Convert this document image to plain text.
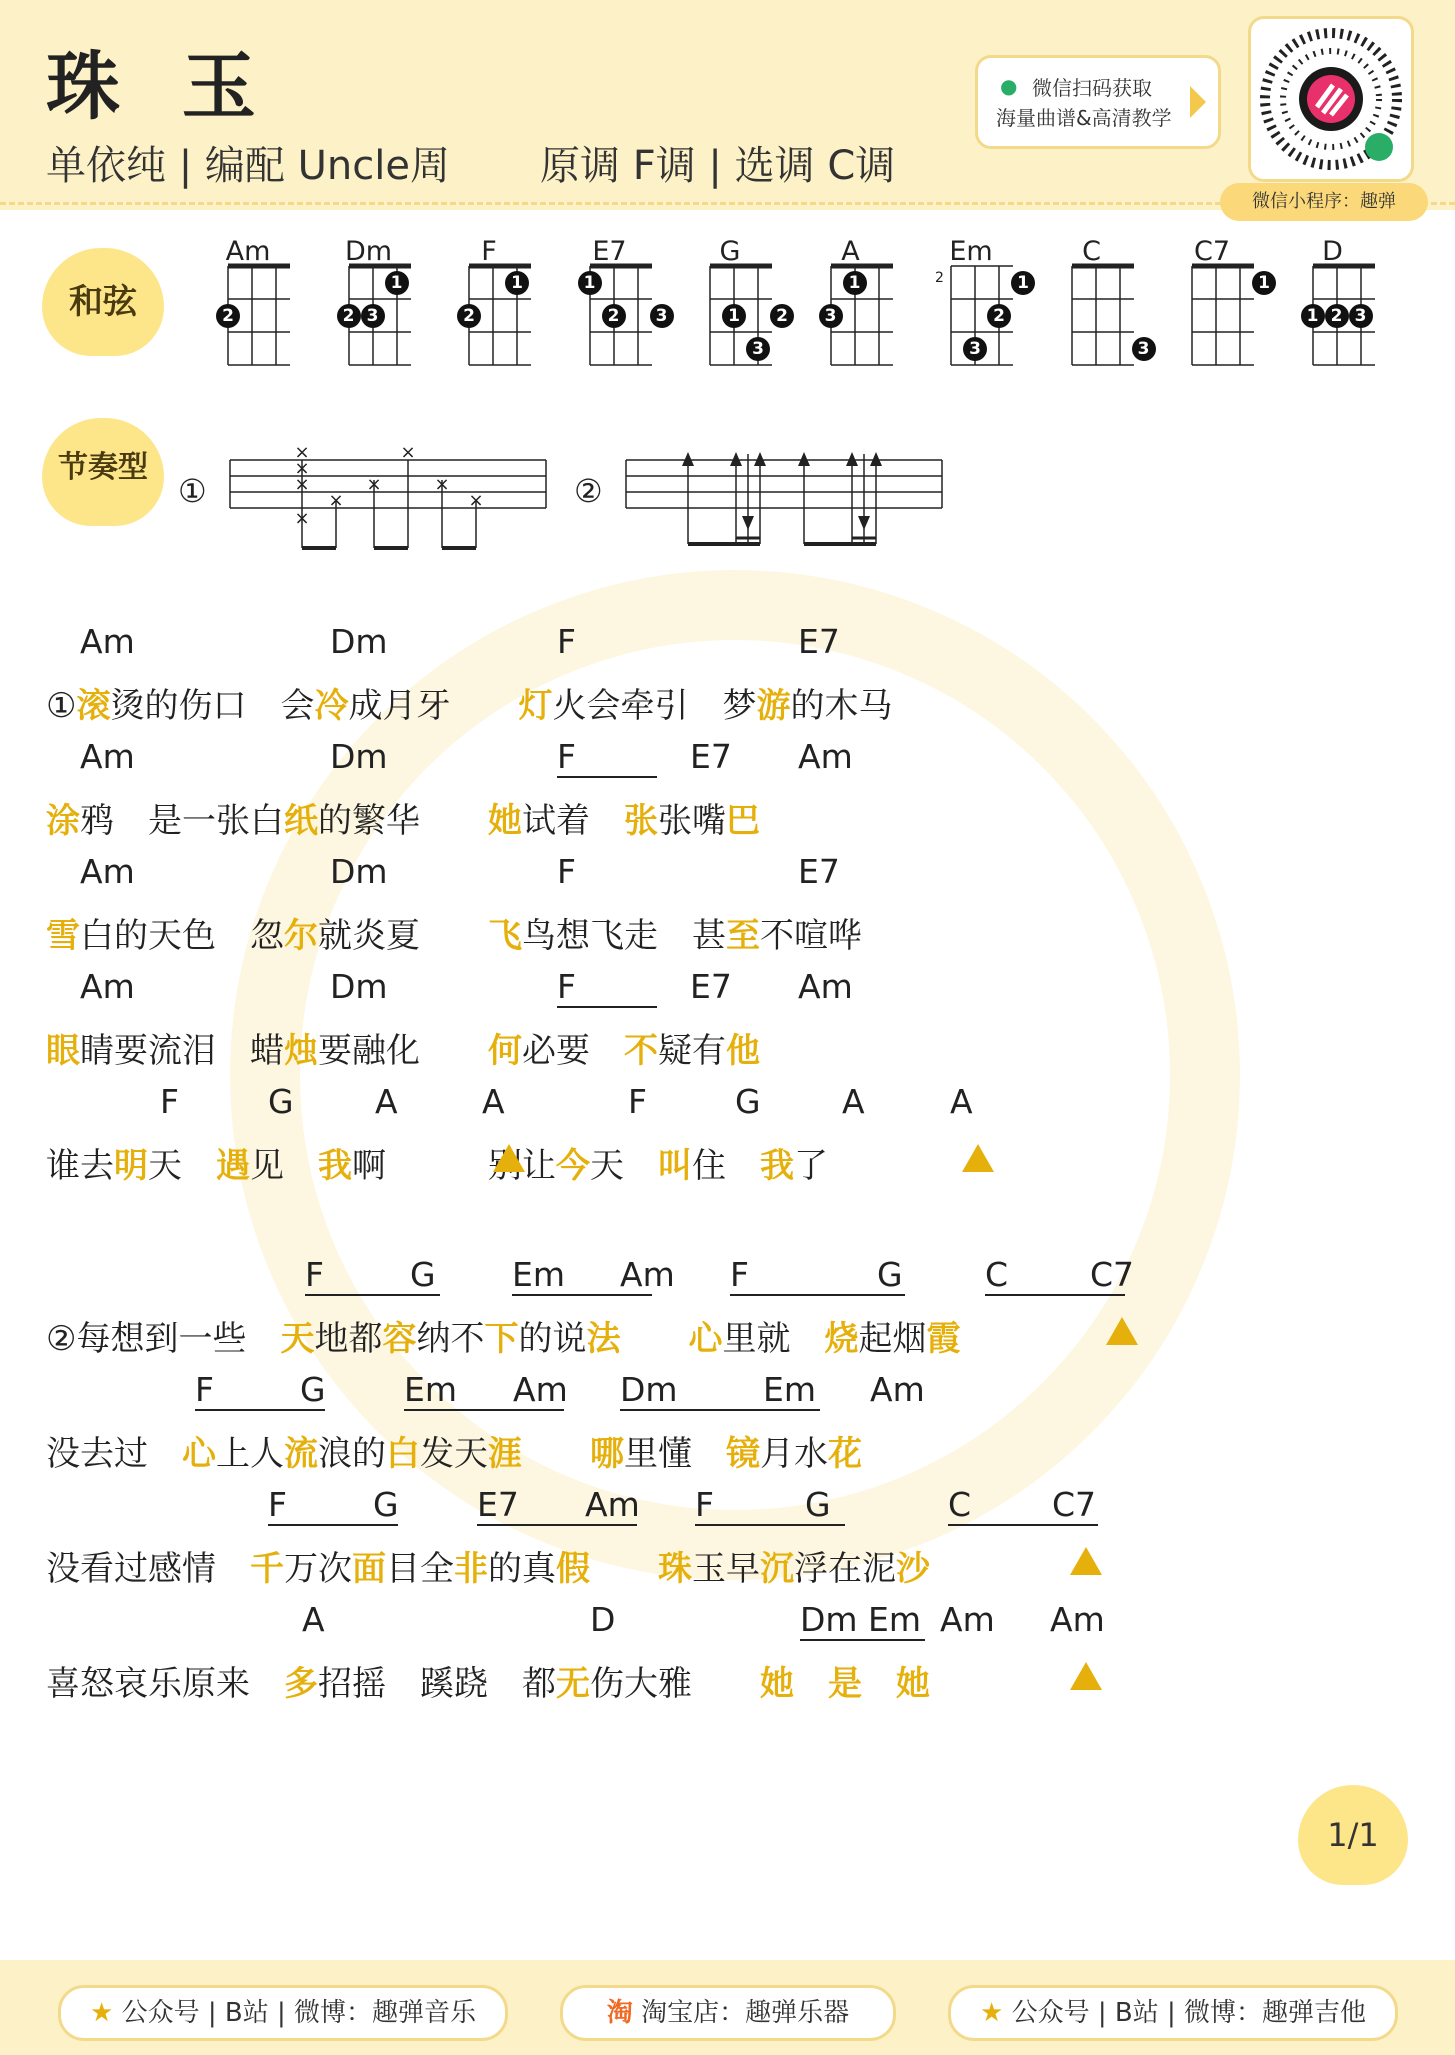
珠 玉
单依纯 | 编配 Uncle周 原调 F调 | 选调 C调
● 微信扫码获取
海量曲谱&高清教学
微信小程序：趣弹
和弦
节奏型
Am
2
Dm
2 3
1
F
2
1
E7
1
2	3
G
1
3
2
A
3
1
Em
2
3
2
1
C
3
C7
1
D
1 2 3
①
×
×
×
×
×
×
×
×
×	②
Am	Dm	F	E7
①滚烫的伤口　会冷成月牙　　 灯火会牵引　梦游的木马
Am	Dm	F	E7 Am
涂鸦　是一张白纸的繁华　　 她试着　张张嘴巴
Am	Dm	F	E7
雪白的天色　忽尔就炎夏　　 飞鸟想飞走　甚至不喧哗
Am	Dm	F	E7 Am
眼睛要流泪　蜡烛要融化　　 何必要　不疑有他
F	G A	A	F	G A	A
谁去明天　遇见　我啊　　　	别让今天　叫住　我了
F	G Em	Am F	G C	C7
②每想到一些　天地都容纳不下的说法　　 心里就　烧起烟霞
F	G Em	Am Dm	Em Am
没去过　心上人流浪的白发天涯　　 哪里懂　镜月水花
F	G E7	Am F	G	C	C7
没看过感情　千万次面目全非的真假　　 珠玉早沉浮在泥沙
A	D	Dm Em Am Am
喜怒哀乐原来　多招摇　蹊跷　都无伤大雅　　 她　 是　 她
1/1
★ 公众号 | B站 | 微博：趣弹音乐	淘 淘宝店：趣弹乐器	★ 公众号 | B站 | 微博：趣弹吉他
